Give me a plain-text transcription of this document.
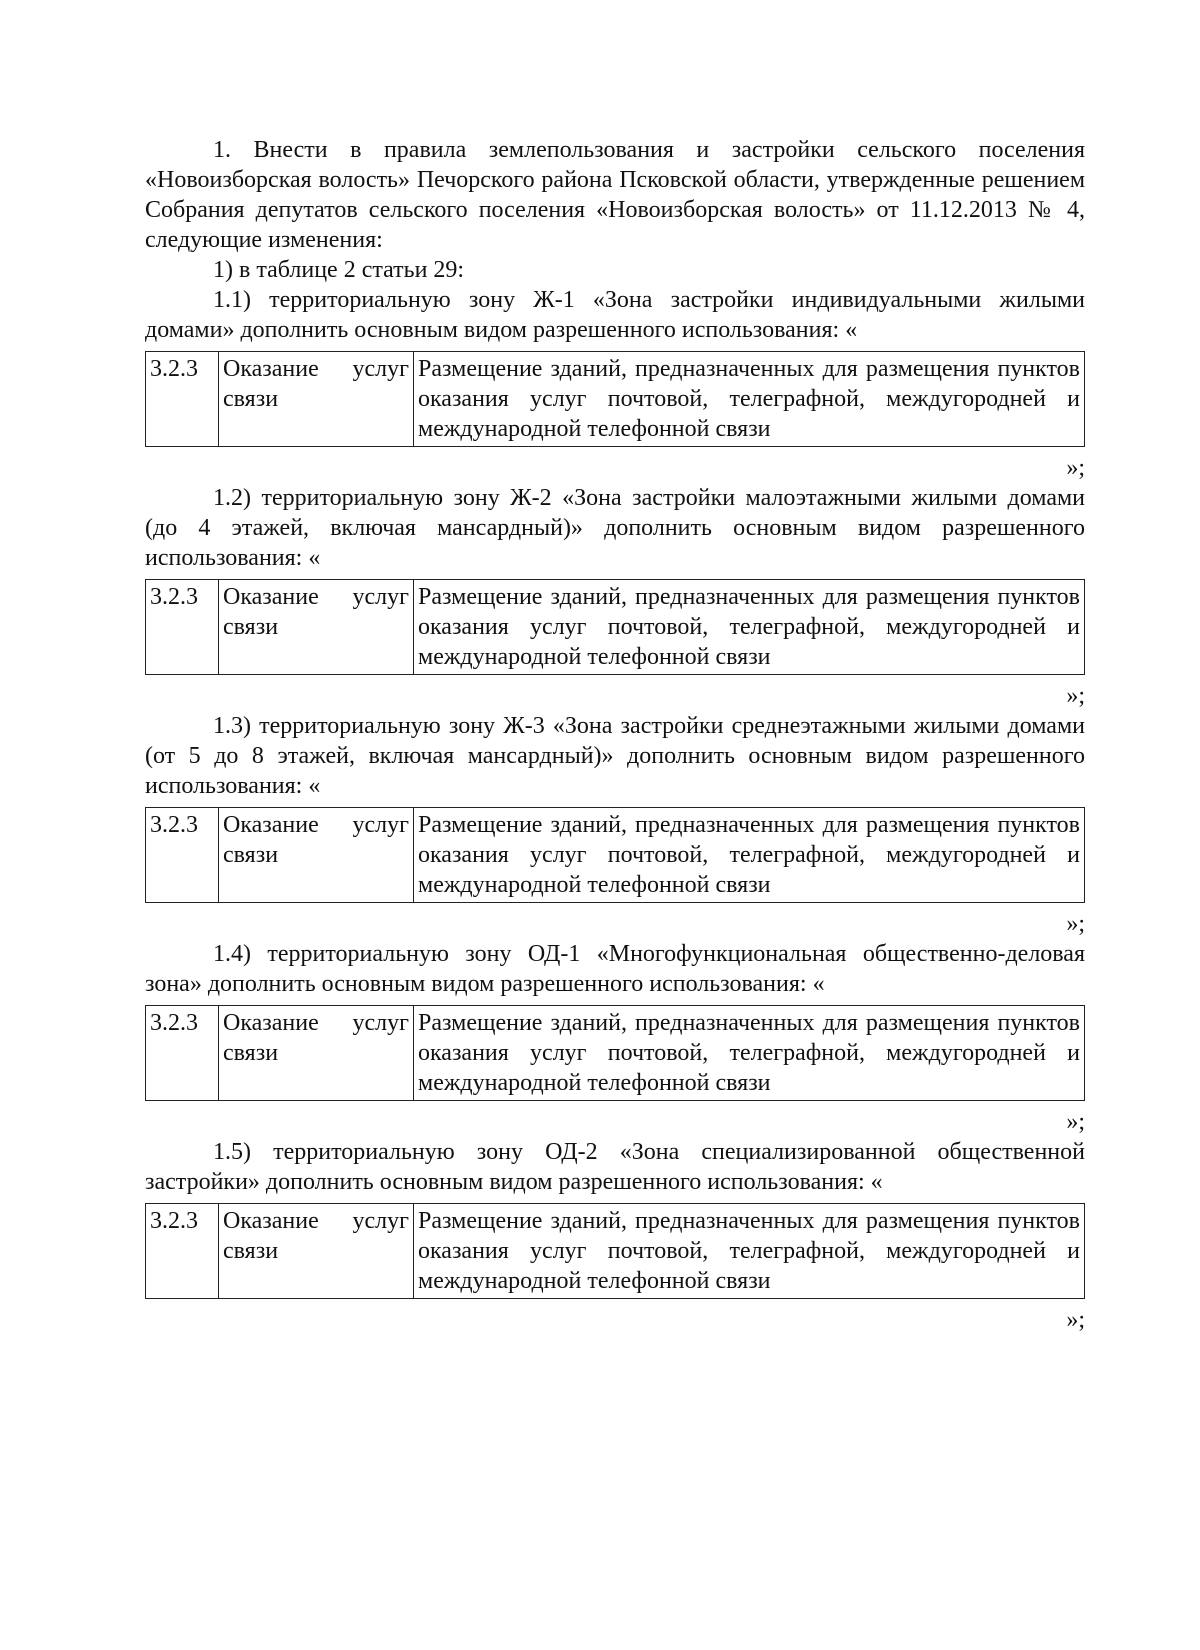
1. Внести в правила землепользования и застройки сельского поселения «Новоизборская волость» Печорского района Псковской области, утвержденные решением Собрания депутатов сельского поселения «Новоизборская волость» от 11.12.2013 № 4, следующие изменения:

1) в таблице 2 статьи 29:

1.1) территориальную зону Ж-1 «Зона застройки индивидуальными жилыми домами» дополнить основным видом разрешенного использования: «

3.2.3	Оказание услуг связи	Размещение зданий, предназначенных для размещения пунктов оказания услуг почтовой, телеграфной, междугородней и международной телефонной связи

»;

1.2) территориальную зону Ж-2 «Зона застройки малоэтажными жилыми домами (до 4 этажей, включая мансардный)» дополнить основным видом разрешенного использования: «

3.2.3	Оказание услуг связи	Размещение зданий, предназначенных для размещения пунктов оказания услуг почтовой, телеграфной, междугородней и международной телефонной связи

»;

1.3) территориальную зону Ж-3 «Зона застройки среднеэтажными жилыми домами (от 5 до 8 этажей, включая мансардный)» дополнить основным видом разрешенного использования: «

3.2.3	Оказание услуг связи	Размещение зданий, предназначенных для размещения пунктов оказания услуг почтовой, телеграфной, междугородней и международной телефонной связи

»;

1.4) территориальную зону ОД-1 «Многофункциональная общественно-деловая зона» дополнить основным видом разрешенного использования: «

3.2.3	Оказание услуг связи	Размещение зданий, предназначенных для размещения пунктов оказания услуг почтовой, телеграфной, междугородней и международной телефонной связи

»;

1.5) территориальную зону ОД-2 «Зона специализированной общественной застройки» дополнить основным видом разрешенного использования: «

3.2.3	Оказание услуг связи	Размещение зданий, предназначенных для размещения пунктов оказания услуг почтовой, телеграфной, междугородней и международной телефонной связи

»;
